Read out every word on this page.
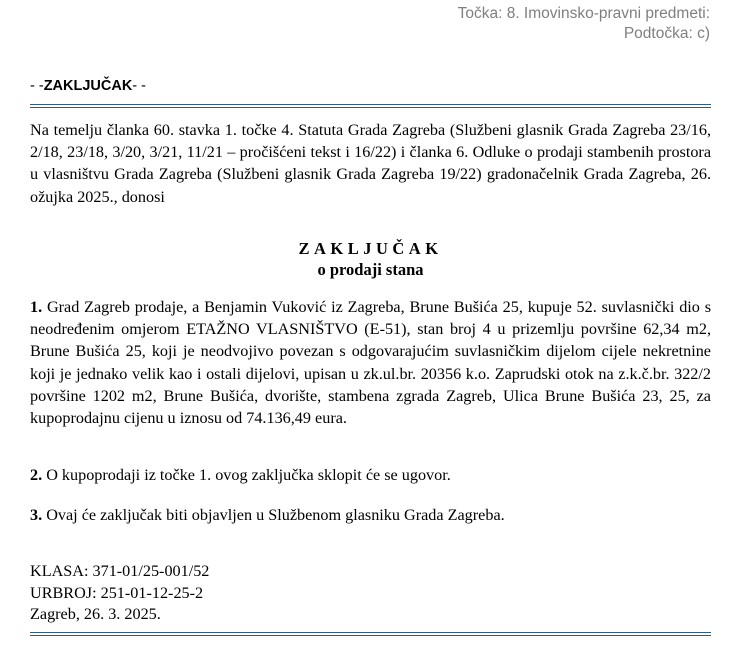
Točka: 8. Imovinsko-pravni predmeti:
Podtočka: c)
- -ZAKLJUČAK- -
Na temelju članka 60. stavka 1. točke 4. Statuta Grada Zagreba (Službeni glasnik Grada Zagreba 23/16, 2/18, 23/18, 3/20, 3/21, 11/21 – pročišćeni tekst i 16/22) i članka 6. Odluke o prodaji stambenih prostora u vlasništvu Grada Zagreba (Službeni glasnik Grada Zagreba 19/22) gradonačelnik Grada Zagreba, 26. ožujka 2025., donosi
ZAKLJUČAK
o prodaji stana
1. Grad Zagreb prodaje, a Benjamin Vuković iz Zagreba, Brune Bušića 25, kupuje 52. suvlasnički dio s neodređenim omjerom ETAŽNO VLASNIŠTVO (E-51), stan broj 4 u prizemlju površine 62,34 m2, Brune Bušića 25, koji je neodvojivo povezan s odgovarajućim suvlasničkim dijelom cijele nekretnine koji je jednako velik kao i ostali dijelovi, upisan u zk.ul.br. 20356 k.o. Zaprudski otok na z.k.č.br. 322/2 površine 1202 m2, Brune Bušića, dvorište, stambena zgrada Zagreb, Ulica Brune Bušića 23, 25, za kupoprodajnu cijenu u iznosu od 74.136,49 eura.
2. O kupoprodaji iz točke 1. ovog zaključka sklopit će se ugovor.
3. Ovaj će zaključak biti objavljen u Službenom glasniku Grada Zagreba.
KLASA: 371-01/25-001/52
URBROJ: 251-01-12-25-2
Zagreb, 26. 3. 2025.
